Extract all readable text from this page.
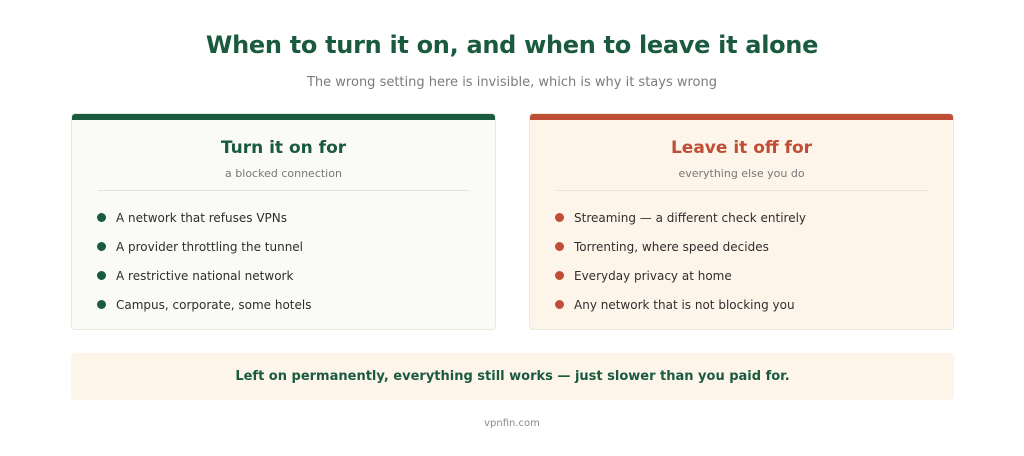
When to turn it on, and when to leave it alone

The wrong setting here is invisible, which is why it stays wrong

Turn it on for
a blocked connection
A network that refuses VPNs
A provider throttling the tunnel
A restrictive national network
Campus, corporate, some hotels
Leave it off for
everything else you do
Streaming — a different check entirely
Torrenting, where speed decides
Everyday privacy at home
Any network that is not blocking you
Left on permanently, everything still works — just slower than you paid for.
vpnfin.com
